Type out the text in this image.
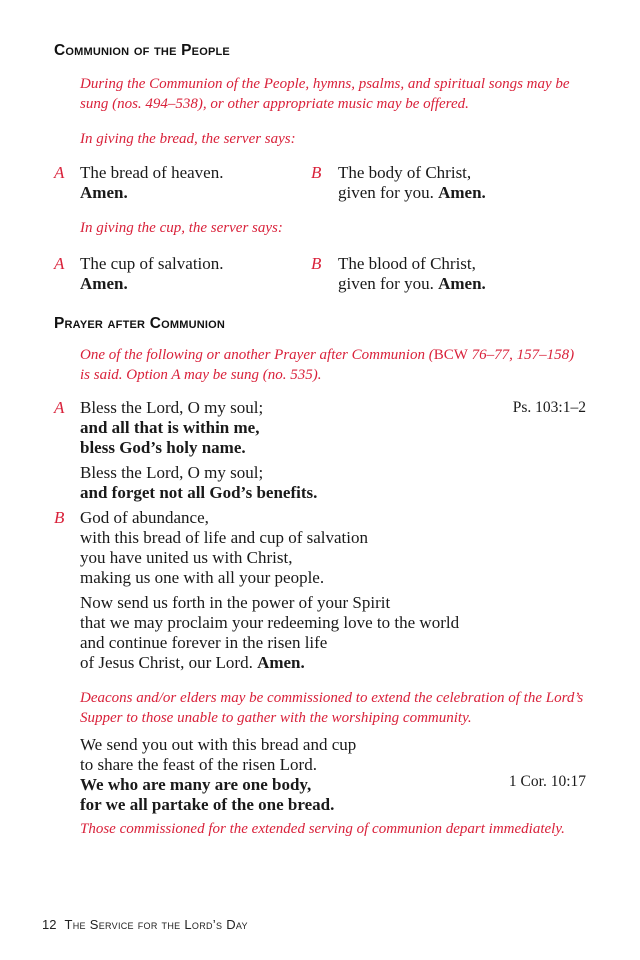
Communion of the People
During the Communion of the People, hymns, psalms, and spiritual songs may be
sung (nos. 494–538), or other appropriate music may be offered.
In giving the bread, the server says:
A The bread of heaven.
Amen.
B The body of Christ,
given for you. Amen.
In giving the cup, the server says:
A The cup of salvation.
Amen.
B The blood of Christ,
given for you. Amen.
Prayer after Communion
One of the following or another Prayer after Communion (BCW 76–77, 157–158)
is said. Option A may be sung (no. 535).
A	Ps. 103:1–2
Bless the Lord, O my soul;
and all that is within me,
bless God’s holy name.
Bless the Lord, O my soul;
and forget not all God’s benefits.
B God of abundance,
with this bread of life and cup of salvation
you have united us with Christ,
making us one with all your people.
Now send us forth in the power of your Spirit
that we may proclaim your redeeming love to the world
and continue forever in the risen life
of Jesus Christ, our Lord. Amen.
Deacons and/or elders may be commissioned to extend the celebration of the Lord’s
Supper to those unable to gather with the worshiping community.
We send you out with this bread and cup
to share the feast of the risen Lord.
We who are many are one body,
for we all partake of the one bread.
1 Cor. 10:17
Those commissioned for the extended serving of communion depart immediately.
12 The Service for the Lord’s Day
